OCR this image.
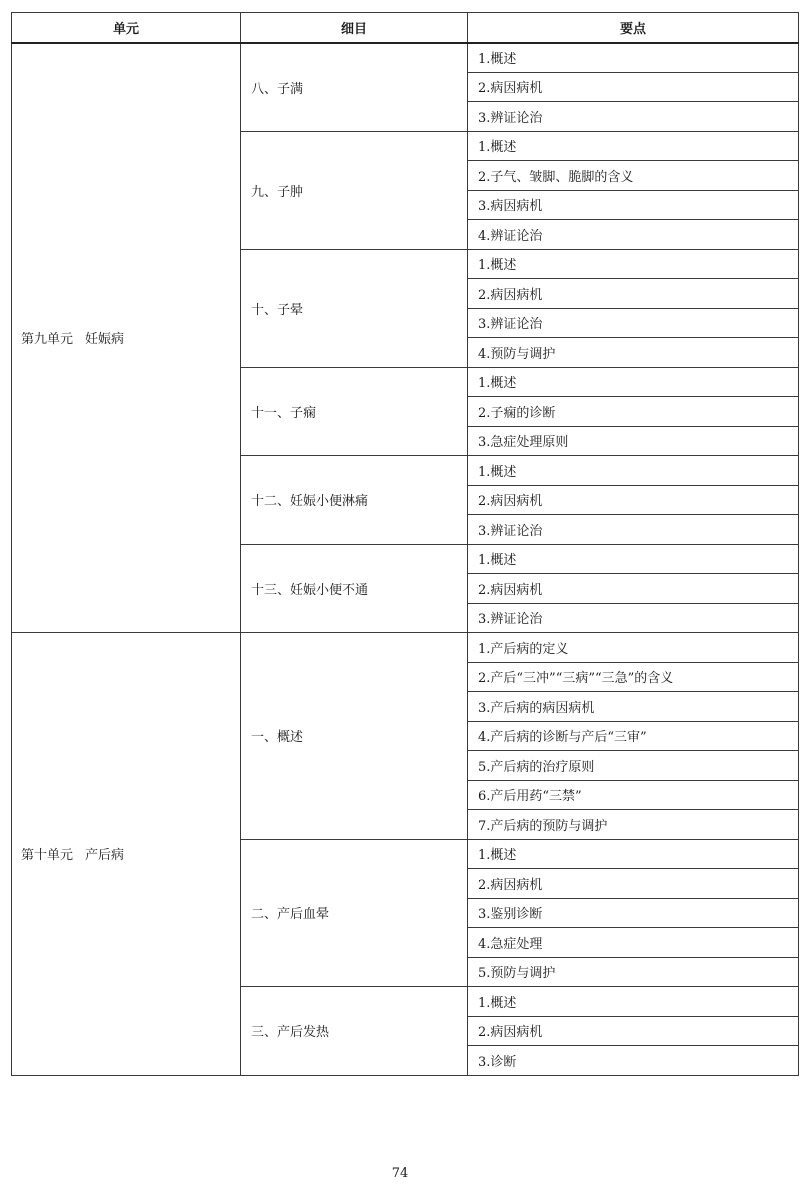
单元	细目	要点
第九单元 妊娠病	八、子满	1.概述
		2.病因病机
		3.辨证论治
	九、子肿	1.概述
		2.子气、皱脚、脆脚的含义
		3.病因病机
		4.辨证论治
	十、子晕	1.概述
		2.病因病机
		3.辨证论治
		4.预防与调护
	十一、子痫	1.概述
		2.子痫的诊断
		3.急症处理原则
	十二、妊娠小便淋痛	1.概述
		2.病因病机
		3.辨证论治
	十三、妊娠小便不通	1.概述
		2.病因病机
		3.辨证论治
第十单元 产后病	一、概述	1.产后病的定义
		2.产后“三冲”“三病”“三急”的含义
		3.产后病的病因病机
		4.产后病的诊断与产后“三审”
		5.产后病的治疗原则
		6.产后用药“三禁”
		7.产后病的预防与调护
	二、产后血晕	1.概述
		2.病因病机
		3.鉴别诊断
		4.急症处理
		5.预防与调护
	三、产后发热	1.概述
		2.病因病机
		3.诊断
74
